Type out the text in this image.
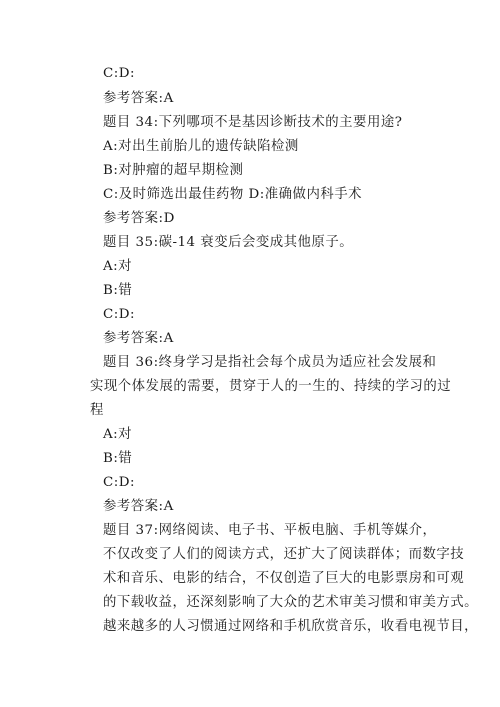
C:D:
参考答案:A
题目 34:下列哪项不是基因诊断技术的主要用途?
A:对出生前胎儿的遗传缺陷检测
B:对肿瘤的超早期检测
C:及时筛选出最佳药物 D:准确做内科手术
参考答案:D
题目 35:碳-14 衰变后会变成其他原子。
A:对
B:错
C:D:
参考答案:A
题目 36:终身学习是指社会每个成员为适应社会发展和
实现个体发展的需要，贯穿于人的一生的、持续的学习的过
程
A:对
B:错
C:D:
参考答案:A
题目 37:网络阅读、电子书、平板电脑、手机等媒介，
不仅改变了人们的阅读方式，还扩大了阅读群体；而数字技
术和音乐、电影的结合，不仅创造了巨大的电影票房和可观
的下载收益，还深刻影响了大众的艺术审美习惯和审美方式。
越来越多的人习惯通过网络和手机欣赏音乐，收看电视节目，
